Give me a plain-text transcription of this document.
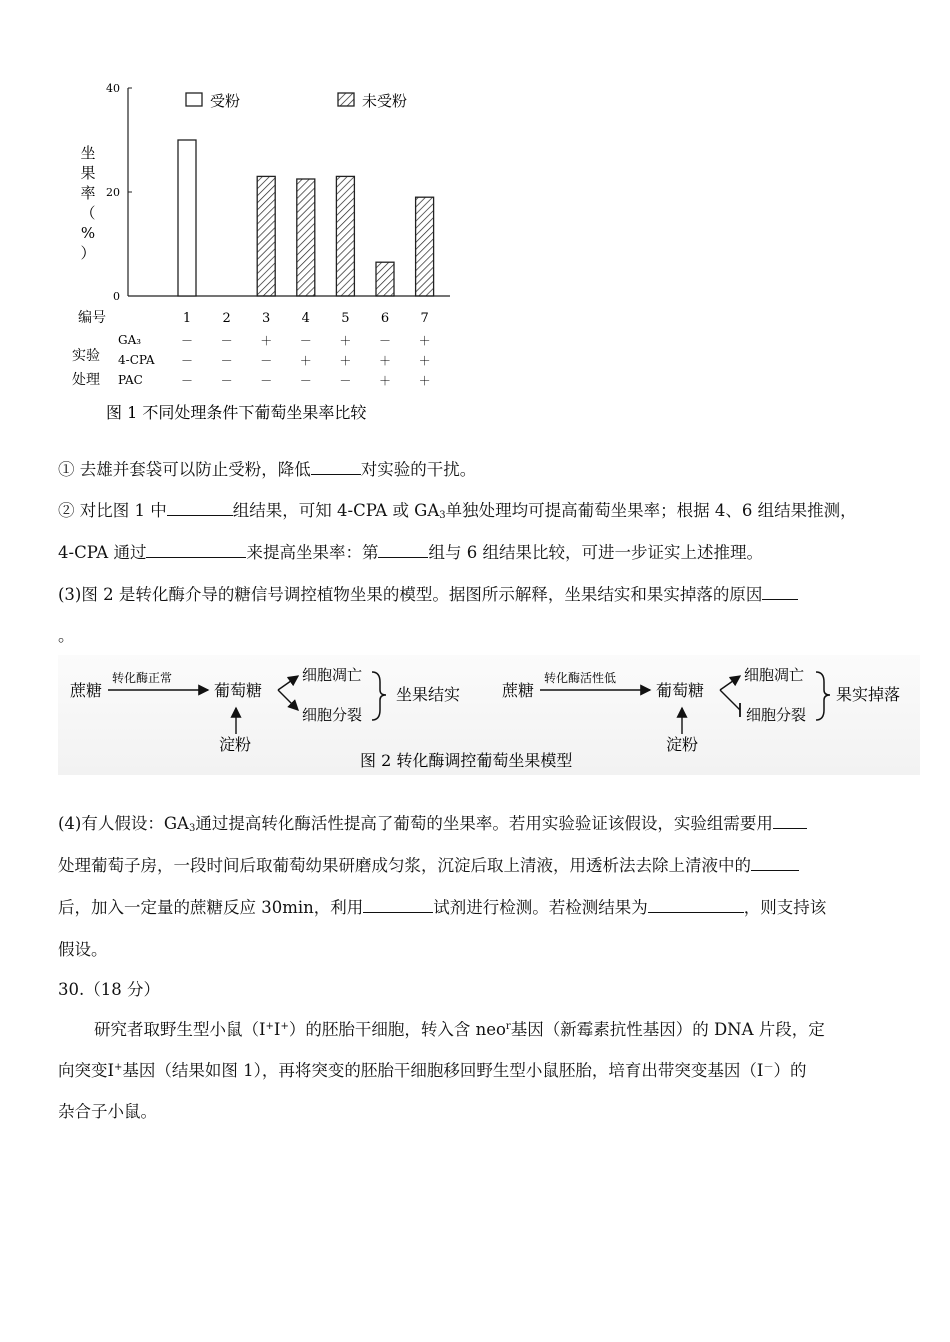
0
20
40
坐
果
率
（
%
）
受粉	未受粉
编号	1 2 3 4 5 6 7
GA₃	－ － ＋ － ＋ － ＋
4-CPA － － － ＋ ＋ ＋ ＋
PAC	－ － － － － ＋ ＋
实验
处理
图 1 不同处理条件下葡萄坐果率比较
① 去雄并套袋可以防止受粉，降低	对实验的干扰。
② 对比图 1 中	组结果，可知 4-CPA 或 $GA_3$单独处理均可提高葡萄坐果率；根据 4、6 组结果推测，
4-CPA 通过	来提高坐果率：第	组与 6 组结果比较，可进一步证实上述推理。
(3)图 2 是转化酶介导的糖信号调控植物坐果的模型。据图所示解释，坐果结实和果实掉落的原因
。
蔗糖
转化酶正常
葡萄糖
淀粉
细胞凋亡
细胞分裂
坐果结实	蔗糖
转化酶活性低
葡萄糖
淀粉
细胞凋亡
细胞分裂
果实掉落
图 2 转化酶调控葡萄坐果模型
(4)有人假设：$GA_3$通过提高转化酶活性提高了葡萄的坐果率。若用实验验证该假设，实验组需要用
处理葡萄子房，一段时间后取葡萄幼果研磨成匀浆，沉淀后取上清液，用透析法去除上清液中的
后，加入一定量的蔗糖反应 30min，利用	试剂进行检测。若检测结果为	，则支持该
假设。
30.（18 分）
研究者取野生型小鼠（Ⅰ+Ⅰ+）的胚胎干细胞，转入含 neo$^r$基因（新霉素抗性基因）的 DNA 片段，定
向突变Ⅰ+基因（结果如图 1），再将突变的胚胎干细胞移回野生型小鼠胚胎，培育出带突变基因（Ⅰ－）的
杂合子小鼠。
